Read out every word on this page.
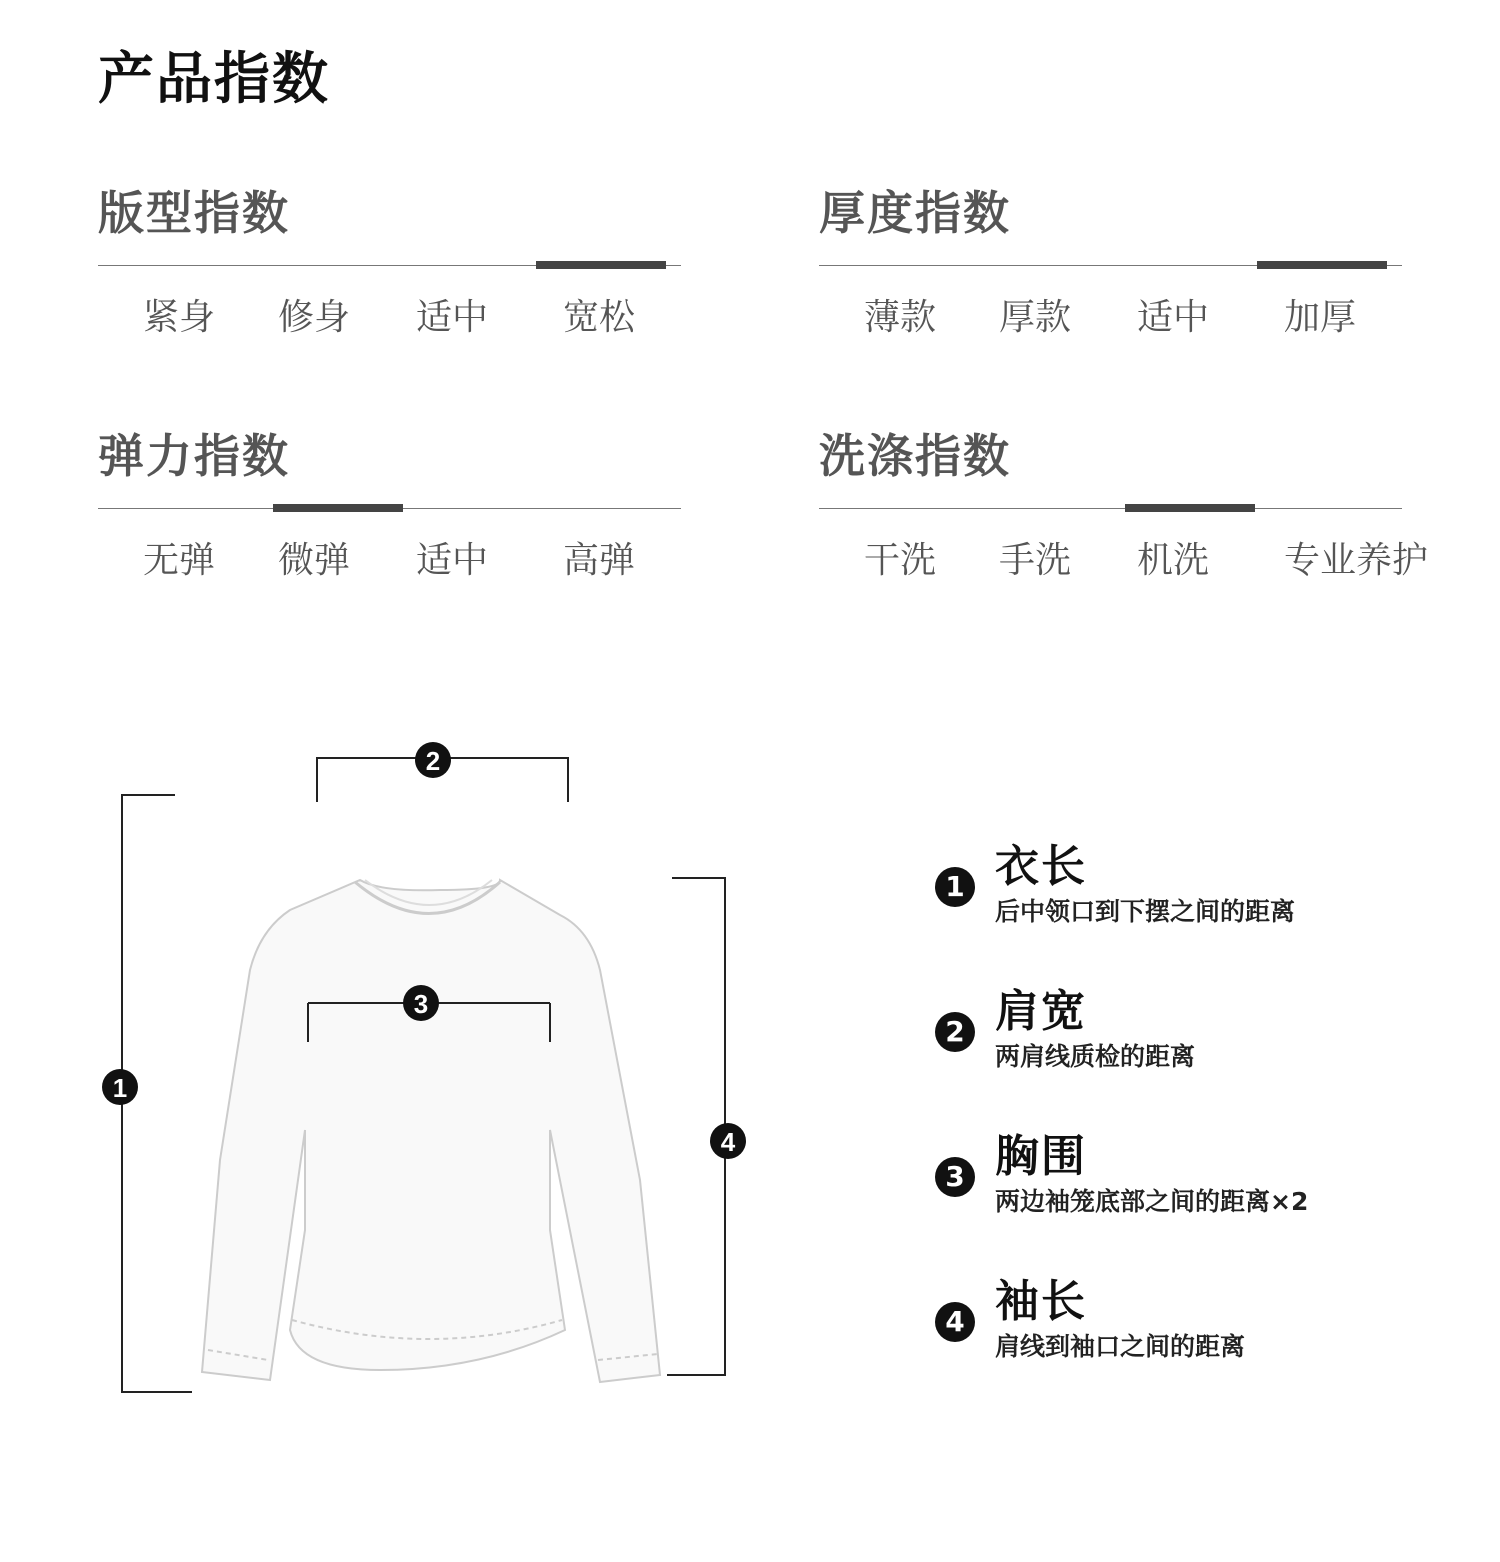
产品指数
版型指数
紧身 修身 适中 宽松
厚度指数
薄款 厚款 适中 加厚
弹力指数
无弹 微弹 适中 高弹
洗涤指数
干洗 手洗 机洗 专业养护
1
2
3
4
1 衣长
后中领口到下摆之间的距离
2 肩宽
两肩线质检的距离
3 胸围
两边袖笼底部之间的距离×2
4 袖长
肩线到袖口之间的距离
